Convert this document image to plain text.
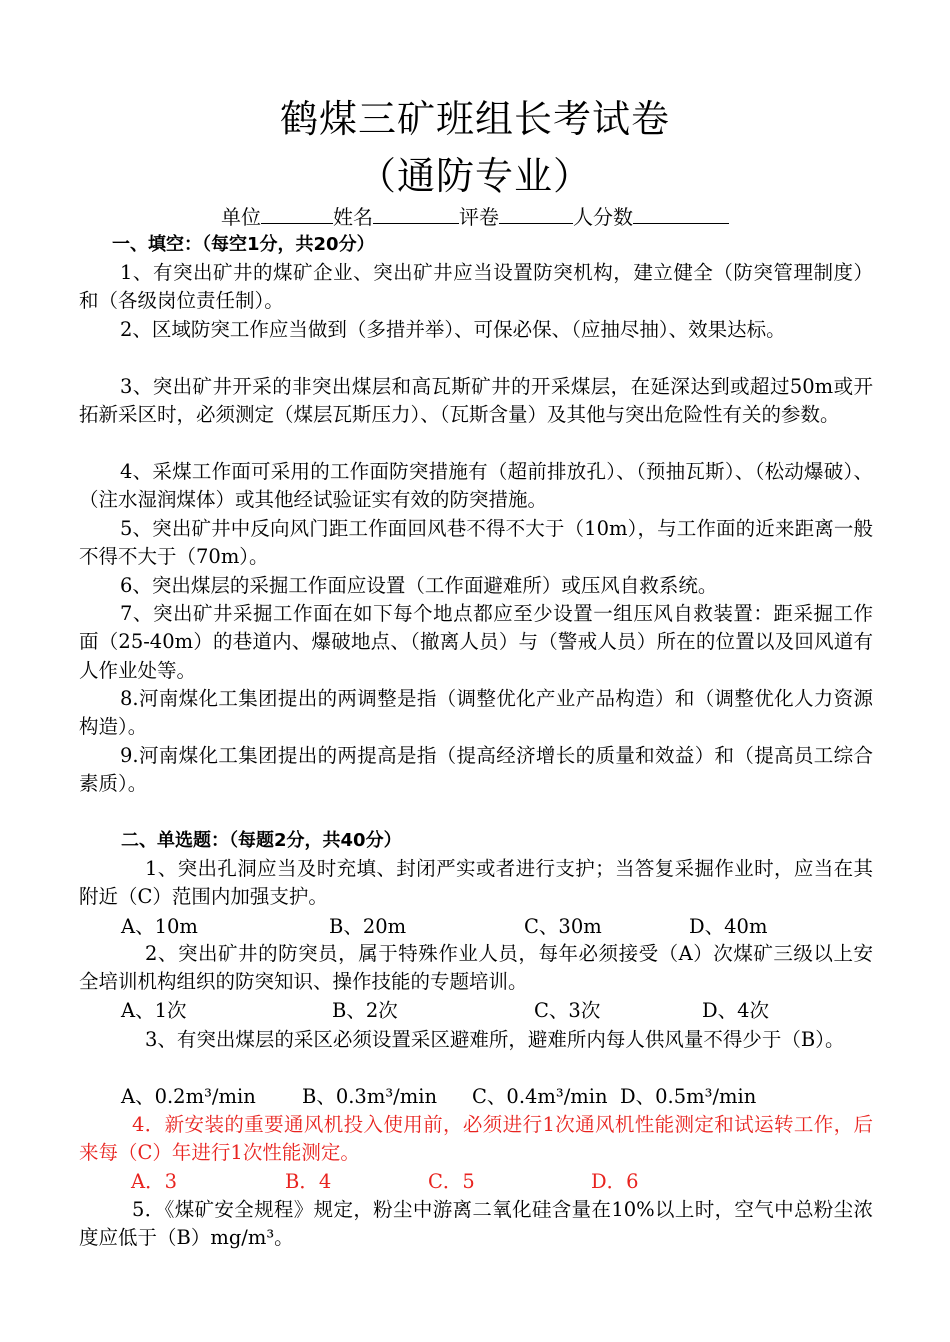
鹤煤三矿班组长考试卷
（通防专业）
单位	姓名	评卷	人分数
一、填空：（每空1分，共20分）
1、有突出矿井的煤矿企业、突出矿井应当设置防突机构，建立健全（防突管理制度）和（各级岗位责任制）。
2、区域防突工作应当做到（多措并举）、可保必保、（应抽尽抽）、效果达标。
3、突出矿井开采的非突出煤层和高瓦斯矿井的开采煤层，在延深达到或超过50m或开拓新采区时，必须测定（煤层瓦斯压力）、（瓦斯含量）及其他与突出危险性有关的参数。
4、采煤工作面可采用的工作面防突措施有（超前排放孔）、（预抽瓦斯）、（松动爆破）、（注水湿润煤体）或其他经试验证实有效的防突措施。
5、突出矿井中反向风门距工作面回风巷不得不大于（10m），与工作面的近来距离一般不得不大于（70m）。
6、突出煤层的采掘工作面应设置（工作面避难所）或压风自救系统。
7、突出矿井采掘工作面在如下每个地点都应至少设置一组压风自救装置：距采掘工作面（25-40m）的巷道内、爆破地点、（撤离人员）与（警戒人员）所在的位置以及回风道有人作业处等。
8.河南煤化工集团提出的两调整是指（调整优化产业产品构造）和（调整优化人力资源构造）。
9.河南煤化工集团提出的两提高是指（提高经济增长的质量和效益）和（提高员工综合素质）。
二、单选题：（每题2分，共40分）
1、突出孔洞应当及时充填、封闭严实或者进行支护；当答复采掘作业时，应当在其附近（C）范围内加强支护。
A、10m	B、20m	C、30m	D、40m
2、突出矿井的防突员，属于特殊作业人员，每年必须接受（A）次煤矿三级以上安全培训机构组织的防突知识、操作技能的专题培训。
A、1次	B、2次	C、3次	D、4次
3、有突出煤层的采区必须设置采区避难所，避难所内每人供风量不得少于（B）。
A、0.2m³/min B、0.3m³/min C、0.4m³/min D、0.5m³/min
4．新安装的重要通风机投入使用前，必须进行1次通风机性能测定和试运转工作，后来每（C）年进行1次性能测定。
A．3	B．4	C．5	D．6
5．《煤矿安全规程》规定，粉尘中游离二氧化硅含量在10%以上时，空气中总粉尘浓度应低于（B）mg/m³。
